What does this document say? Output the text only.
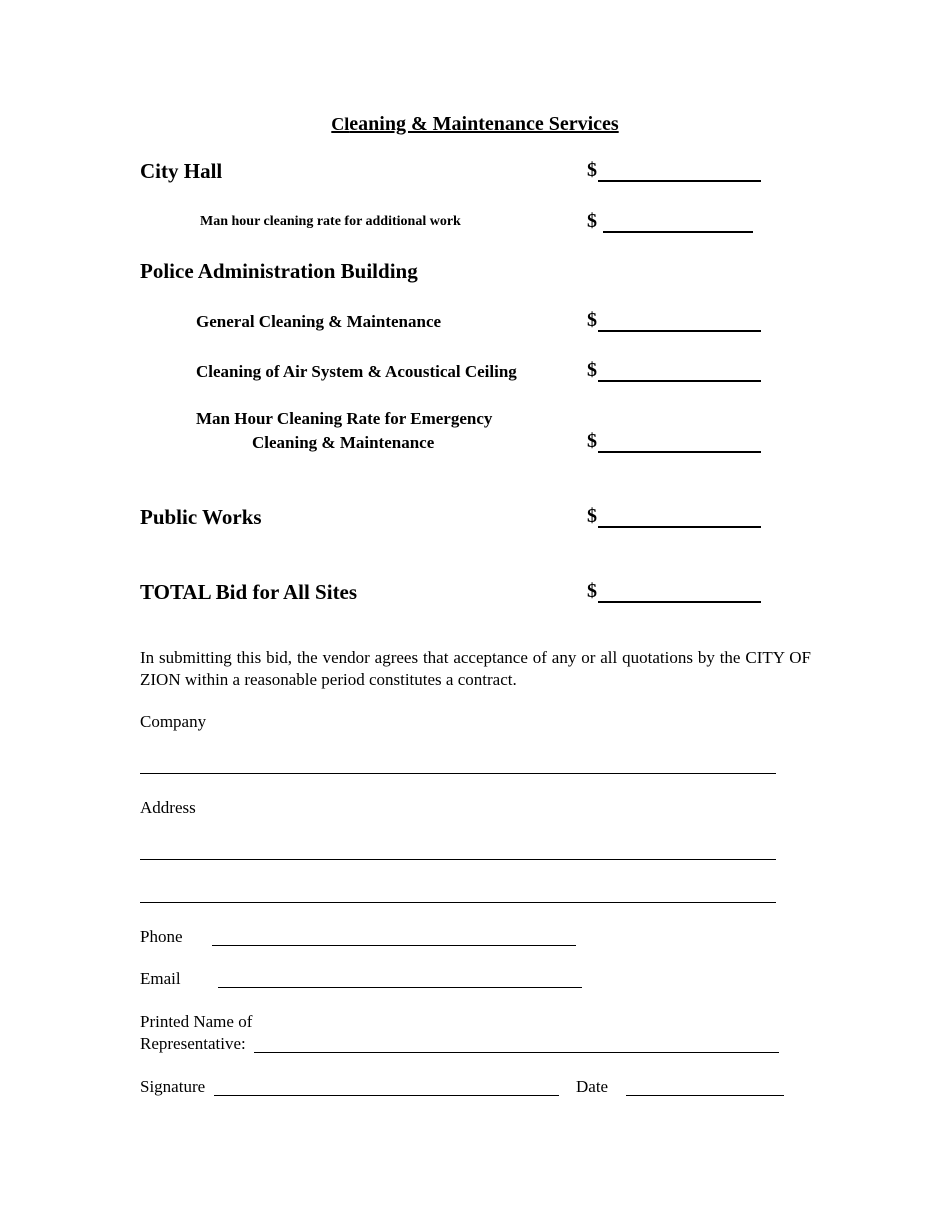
Cleaning & Maintenance Services
City Hall	$
Man hour cleaning rate for additional work	$
Police Administration Building
General Cleaning & Maintenance	$
Cleaning of Air System & Acoustical Ceiling	$
Man Hour Cleaning Rate for Emergency
Cleaning & Maintenance	$
Public Works	$
TOTAL Bid for All Sites	$
In submitting this bid, the vendor agrees that acceptance of any or all quotations by the CITY OF ZION within a reasonable period constitutes a contract.
Company
Address
Phone
Email
Printed Name of
Representative:
Signature	Date
